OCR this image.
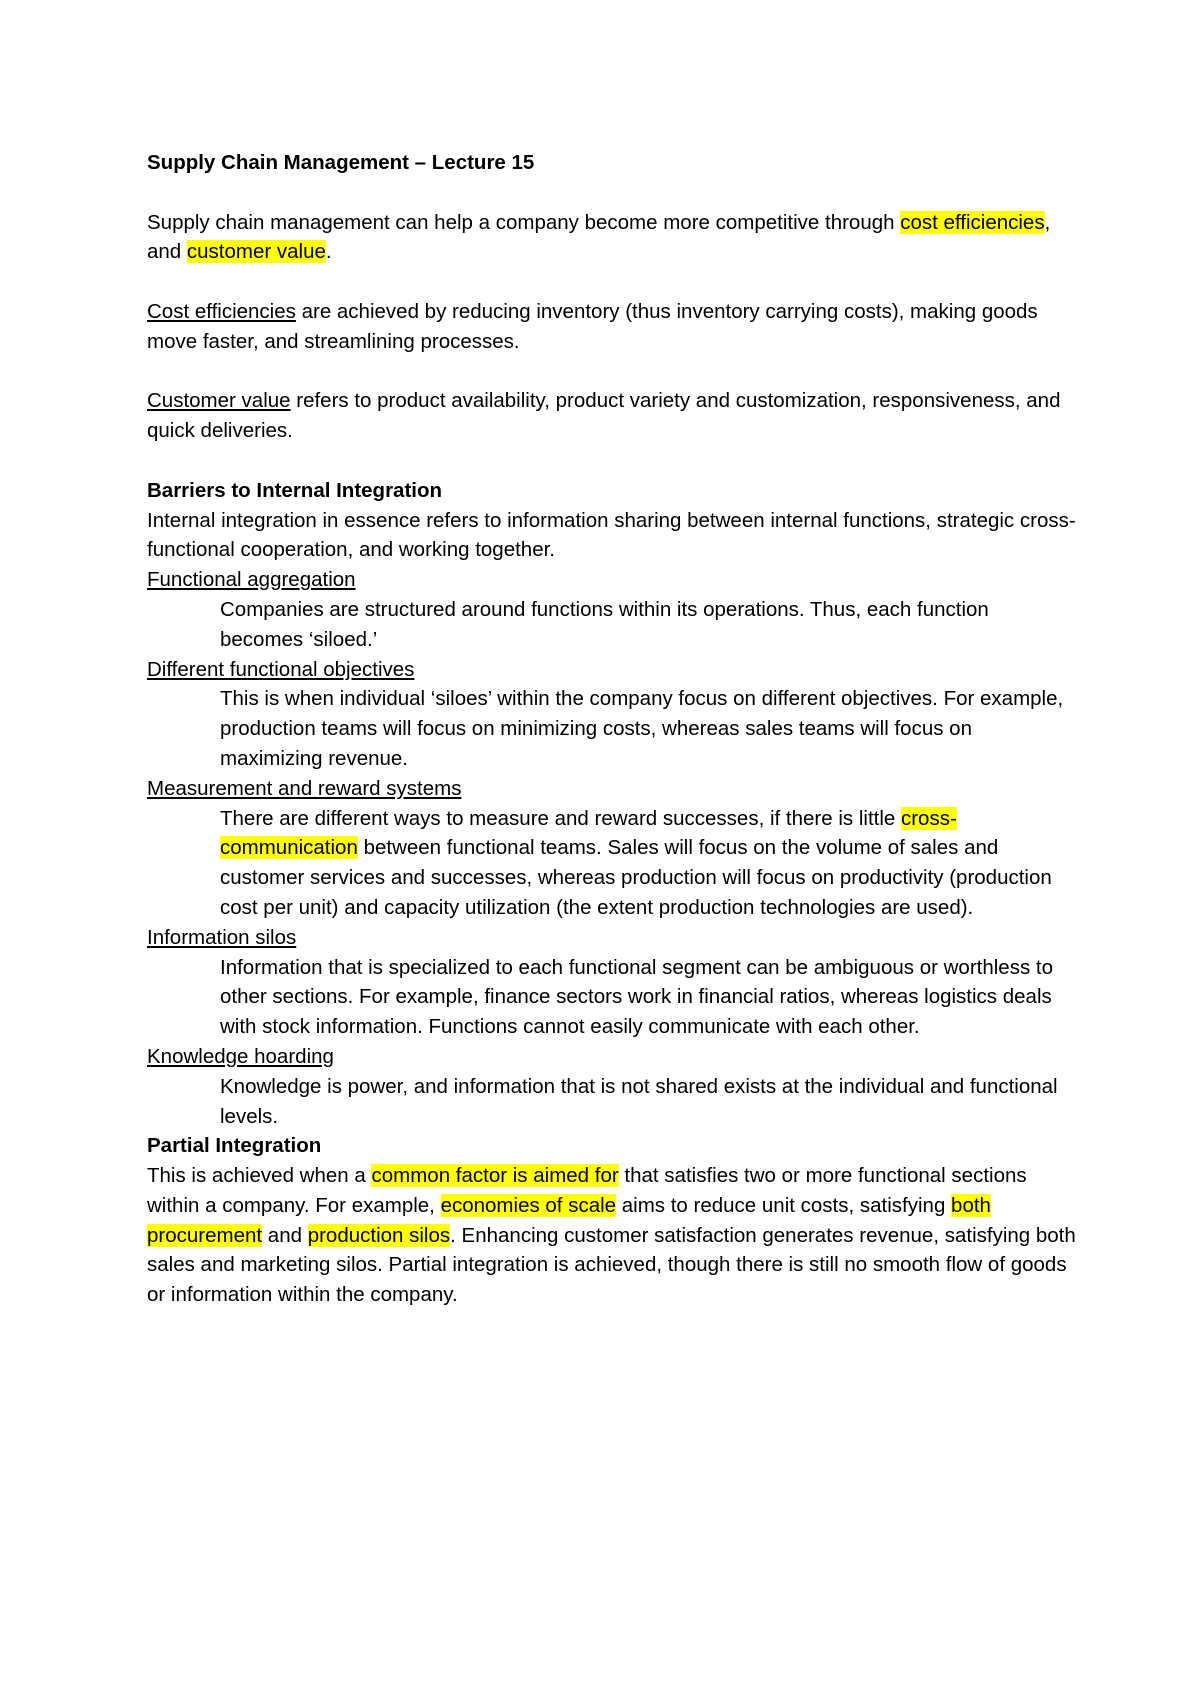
Supply Chain Management – Lecture 15

Supply chain management can help a company become more competitive through cost efficiencies, and customer value.

Cost efficiencies are achieved by reducing inventory (thus inventory carrying costs), making goods move faster, and streamlining processes.

Customer value refers to product availability, product variety and customization, responsiveness, and quick deliveries.

Barriers to Internal Integration
Internal integration in essence refers to information sharing between internal functions, strategic cross-functional cooperation, and working together.
Functional aggregation
Companies are structured around functions within its operations. Thus, each function becomes ‘siloed.’
Different functional objectives
This is when individual ‘siloes’ within the company focus on different objectives. For example, production teams will focus on minimizing costs, whereas sales teams will focus on maximizing revenue.
Measurement and reward systems
There are different ways to measure and reward successes, if there is little cross-communication between functional teams. Sales will focus on the volume of sales and customer services and successes, whereas production will focus on productivity (production cost per unit) and capacity utilization (the extent production technologies are used).
Information silos
Information that is specialized to each functional segment can be ambiguous or worthless to other sections. For example, finance sectors work in financial ratios, whereas logistics deals with stock information. Functions cannot easily communicate with each other.
Knowledge hoarding
Knowledge is power, and information that is not shared exists at the individual and functional levels.
Partial Integration
This is achieved when a common factor is aimed for that satisfies two or more functional sections within a company. For example, economies of scale aims to reduce unit costs, satisfying both procurement and production silos. Enhancing customer satisfaction generates revenue, satisfying both sales and marketing silos. Partial integration is achieved, though there is still no smooth flow of goods or information within the company.
